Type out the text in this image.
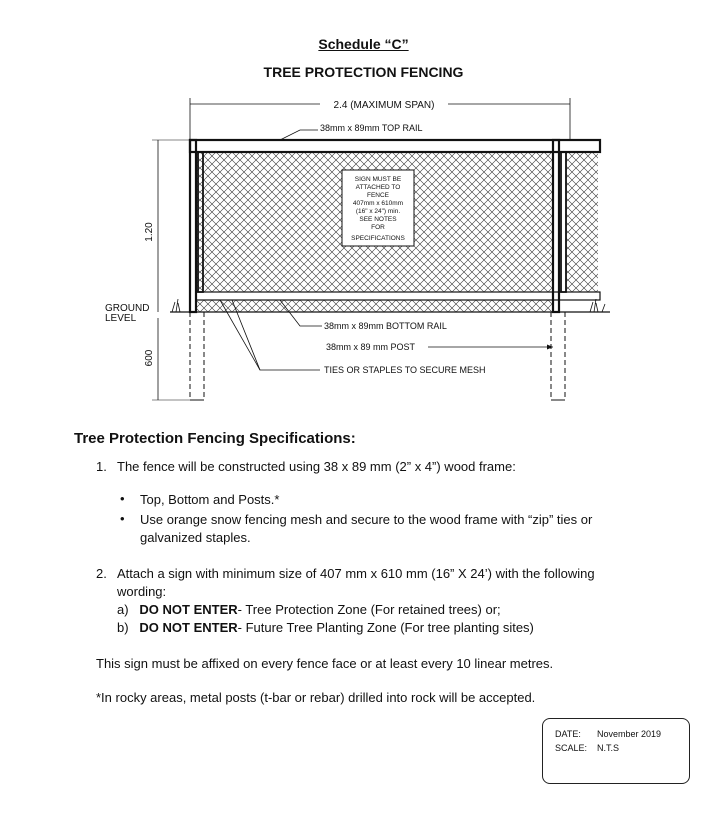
Schedule “C”
TREE PROTECTION FENCING
2.4 (MAXIMUM SPAN)
1.20
600
GROUND
LEVEL
SIGN MUST BE
ATTACHED TO
FENCE
407mm x 610mm
(16" x 24") min.
SEE NOTES
FOR
SPECIFICATIONS
38mm x 89mm TOP RAIL
38mm x 89mm BOTTOM RAIL
38mm x 89 mm POST
TIES OR STAPLES TO SECURE MESH
Tree Protection Fencing Specifications:
1. The fence will be constructed using 38 x 89 mm (2” x 4”) wood frame:
• Top, Bottom and Posts.*
• Use orange snow fencing mesh and secure to the wood frame with “zip” ties or
galvanized staples.
2. Attach a sign with minimum size of 407 mm x 610 mm (16” X 24’) with the following
wording:
a) DO NOT ENTER- Tree Protection Zone (For retained trees) or;
b) DO NOT ENTER- Future Tree Planting Zone (For tree planting sites)
This sign must be affixed on every fence face or at least every 10 linear metres.
*In rocky areas, metal posts (t-bar or rebar) drilled into rock will be accepted.
DATE: November 2019
SCALE: N.T.S
